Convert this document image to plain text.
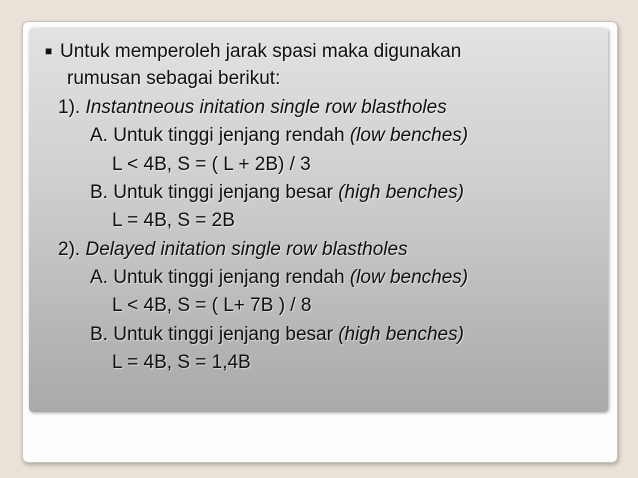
■ Untuk memperoleh jarak spasi maka digunakan
rumusan sebagai berikut:
1). Instantneous initation single row blastholes
A. Untuk tinggi jenjang rendah (low benches)
L < 4B, S = ( L + 2B) / 3
B. Untuk tinggi jenjang besar (high benches)
L = 4B, S = 2B
2). Delayed initation single row blastholes
A. Untuk tinggi jenjang rendah (low benches)
L < 4B, S = ( L+ 7B ) / 8
B. Untuk tinggi jenjang besar (high benches)
L = 4B, S = 1,4B
